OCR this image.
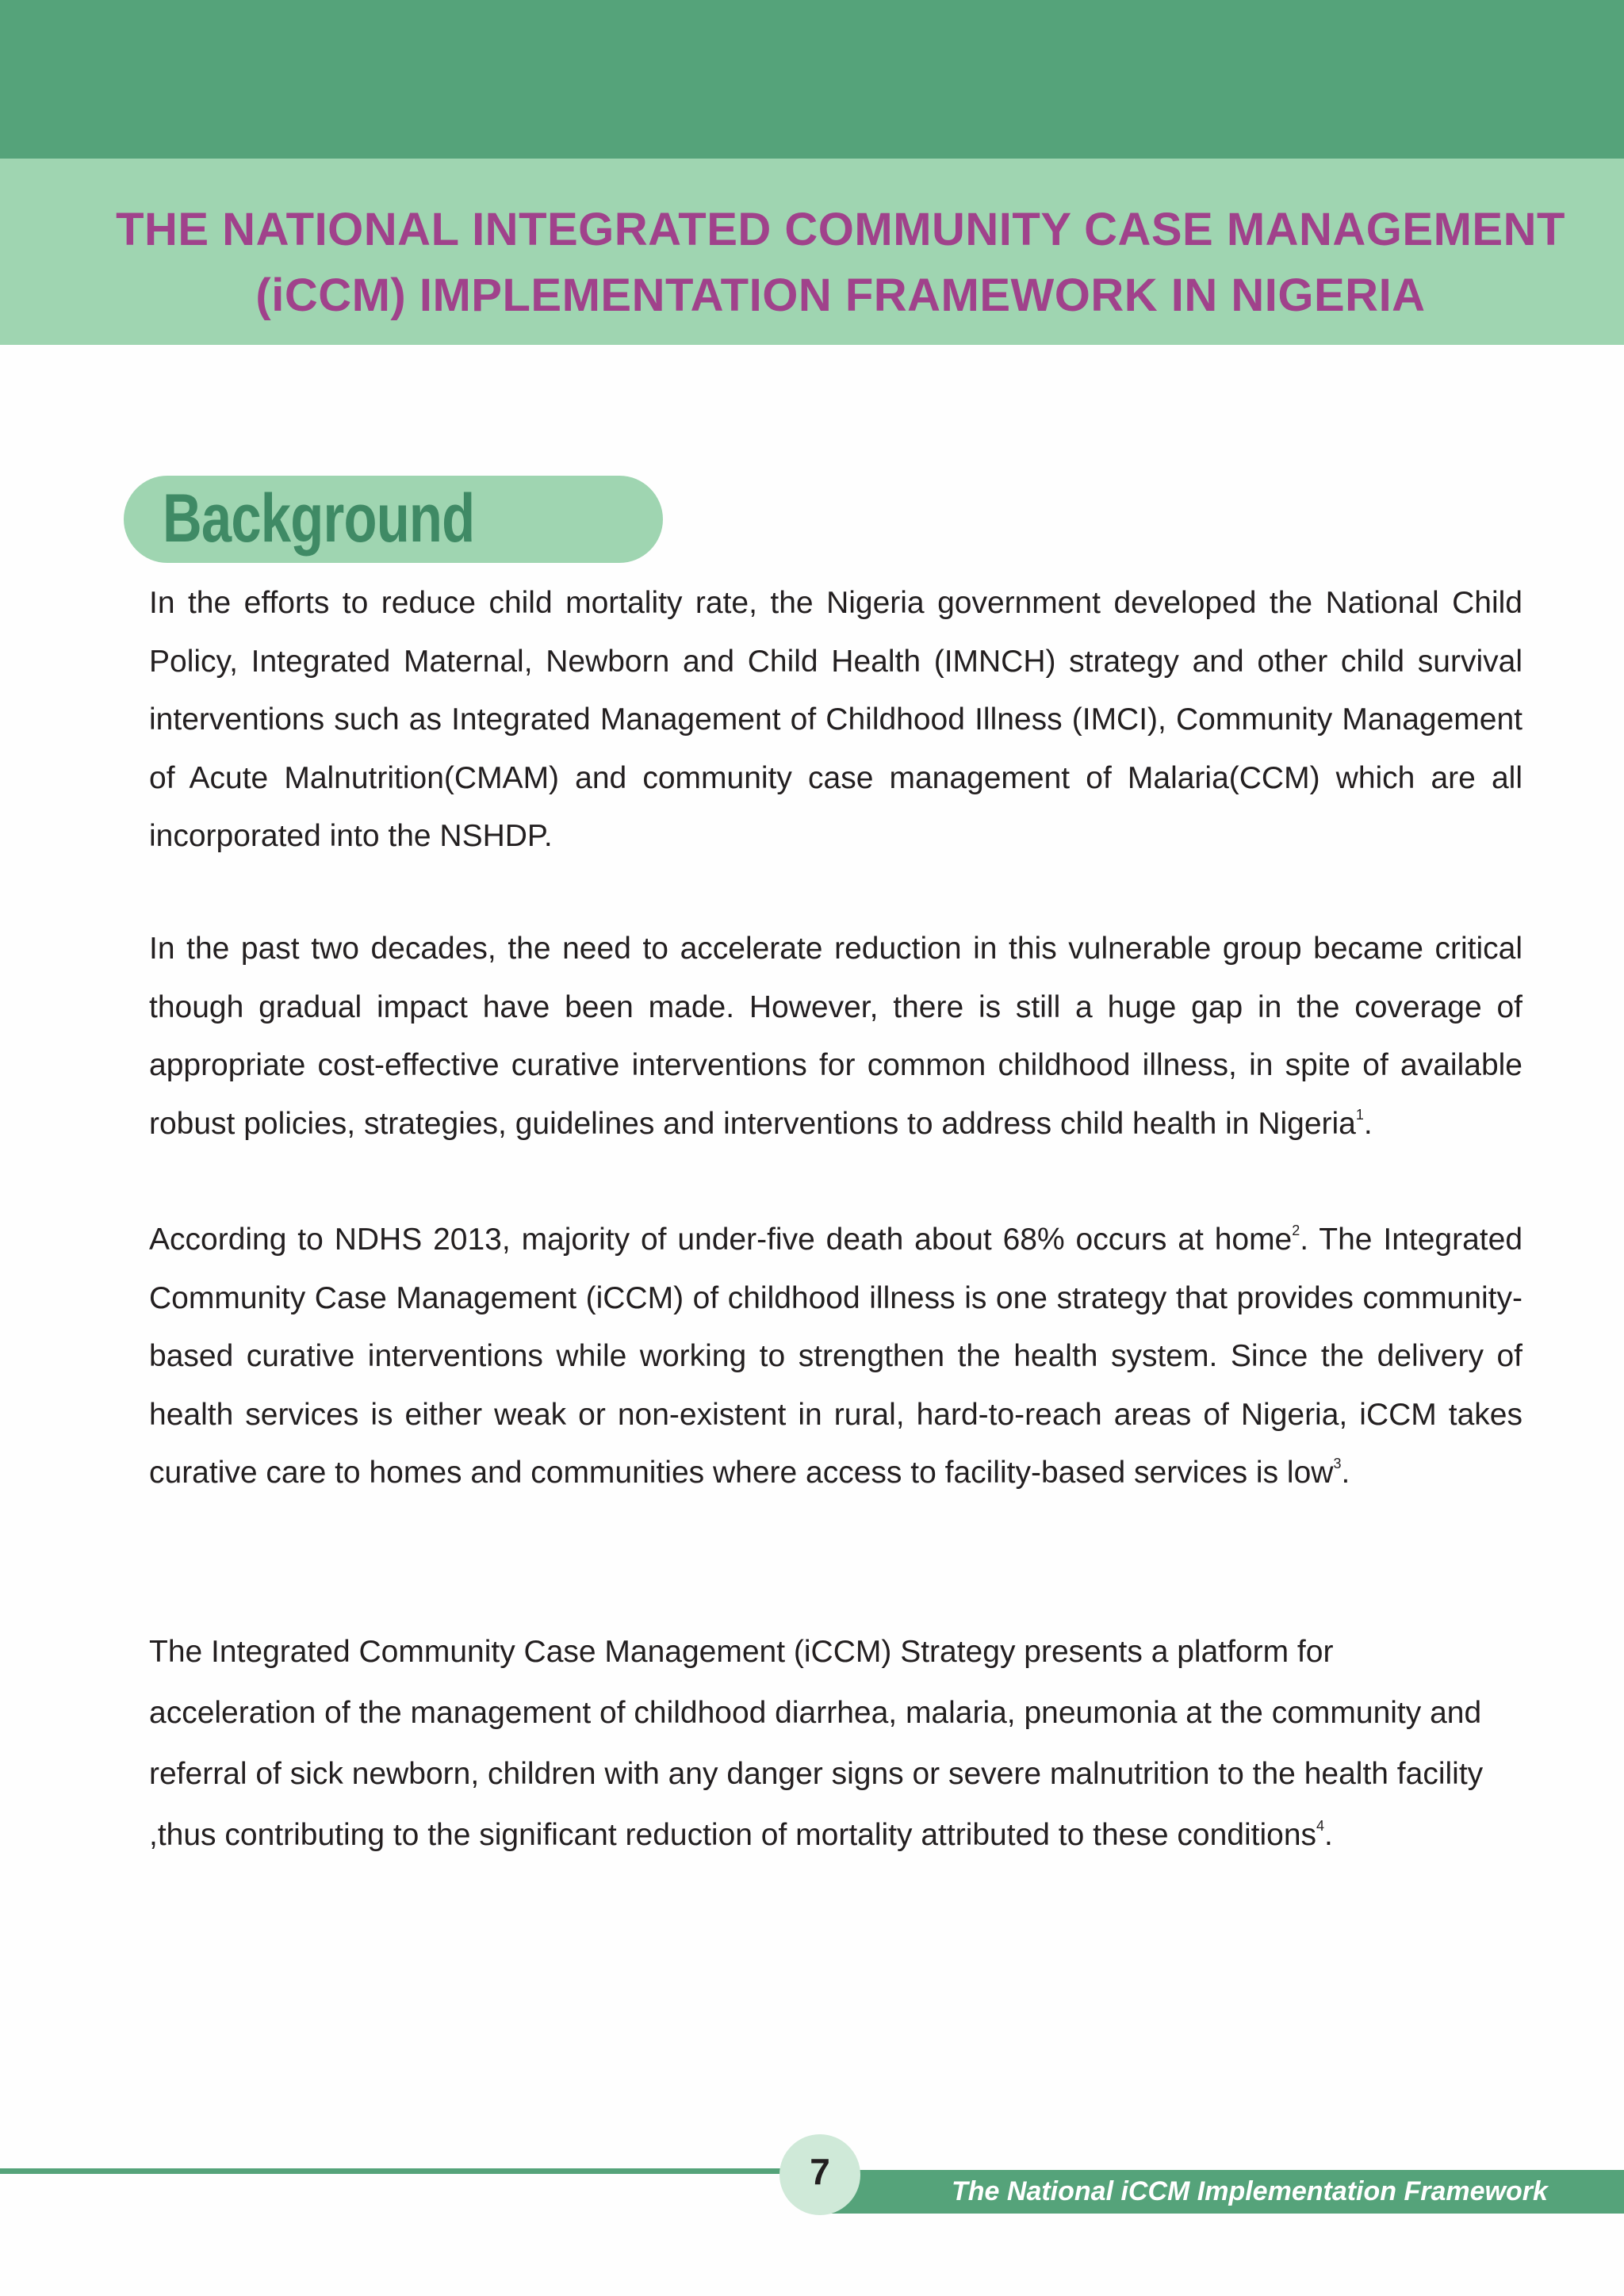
THE NATIONAL INTEGRATED COMMUNITY CASE MANAGEMENT
(iCCM) IMPLEMENTATION FRAMEWORK IN NIGERIA
Background

In the efforts to reduce child mortality rate, the Nigeria government developed the National Child Policy, Integrated Maternal, Newborn and Child Health (IMNCH) strategy and other child survival interventions such as Integrated Management of Childhood Illness (IMCI), Community Management of Acute Malnutrition(CMAM) and community case management of Malaria(CCM) which are all incorporated into the NSHDP.

In the past two decades, the need to accelerate reduction in this vulnerable group became critical though gradual impact have been made. However, there is still a huge gap in the coverage of appropriate cost-effective curative interventions for common childhood illness, in spite of available robust policies, strategies, guidelines and interventions to address child health in Nigeria$^1$.

According to NDHS 2013, majority of under-five death about 68% occurs at home$^2$. The Integrated Community Case Management (iCCM) of childhood illness is one strategy that provides community-based curative interventions while working to strengthen the health system. Since the delivery of health services is either weak or non-existent in rural, hard-to-reach areas of Nigeria, iCCM takes curative care to homes and communities where access to facility-based services is low$^3$.

The Integrated Community Case Management (iCCM) Strategy presents a platform for
acceleration of the management of childhood diarrhea, malaria, pneumonia at the community and
referral of sick newborn, children with any danger signs or severe malnutrition to the health facility
,thus contributing to the significant reduction of mortality attributed to these conditions$^4$.

The National iCCM Implementation Framework

7
